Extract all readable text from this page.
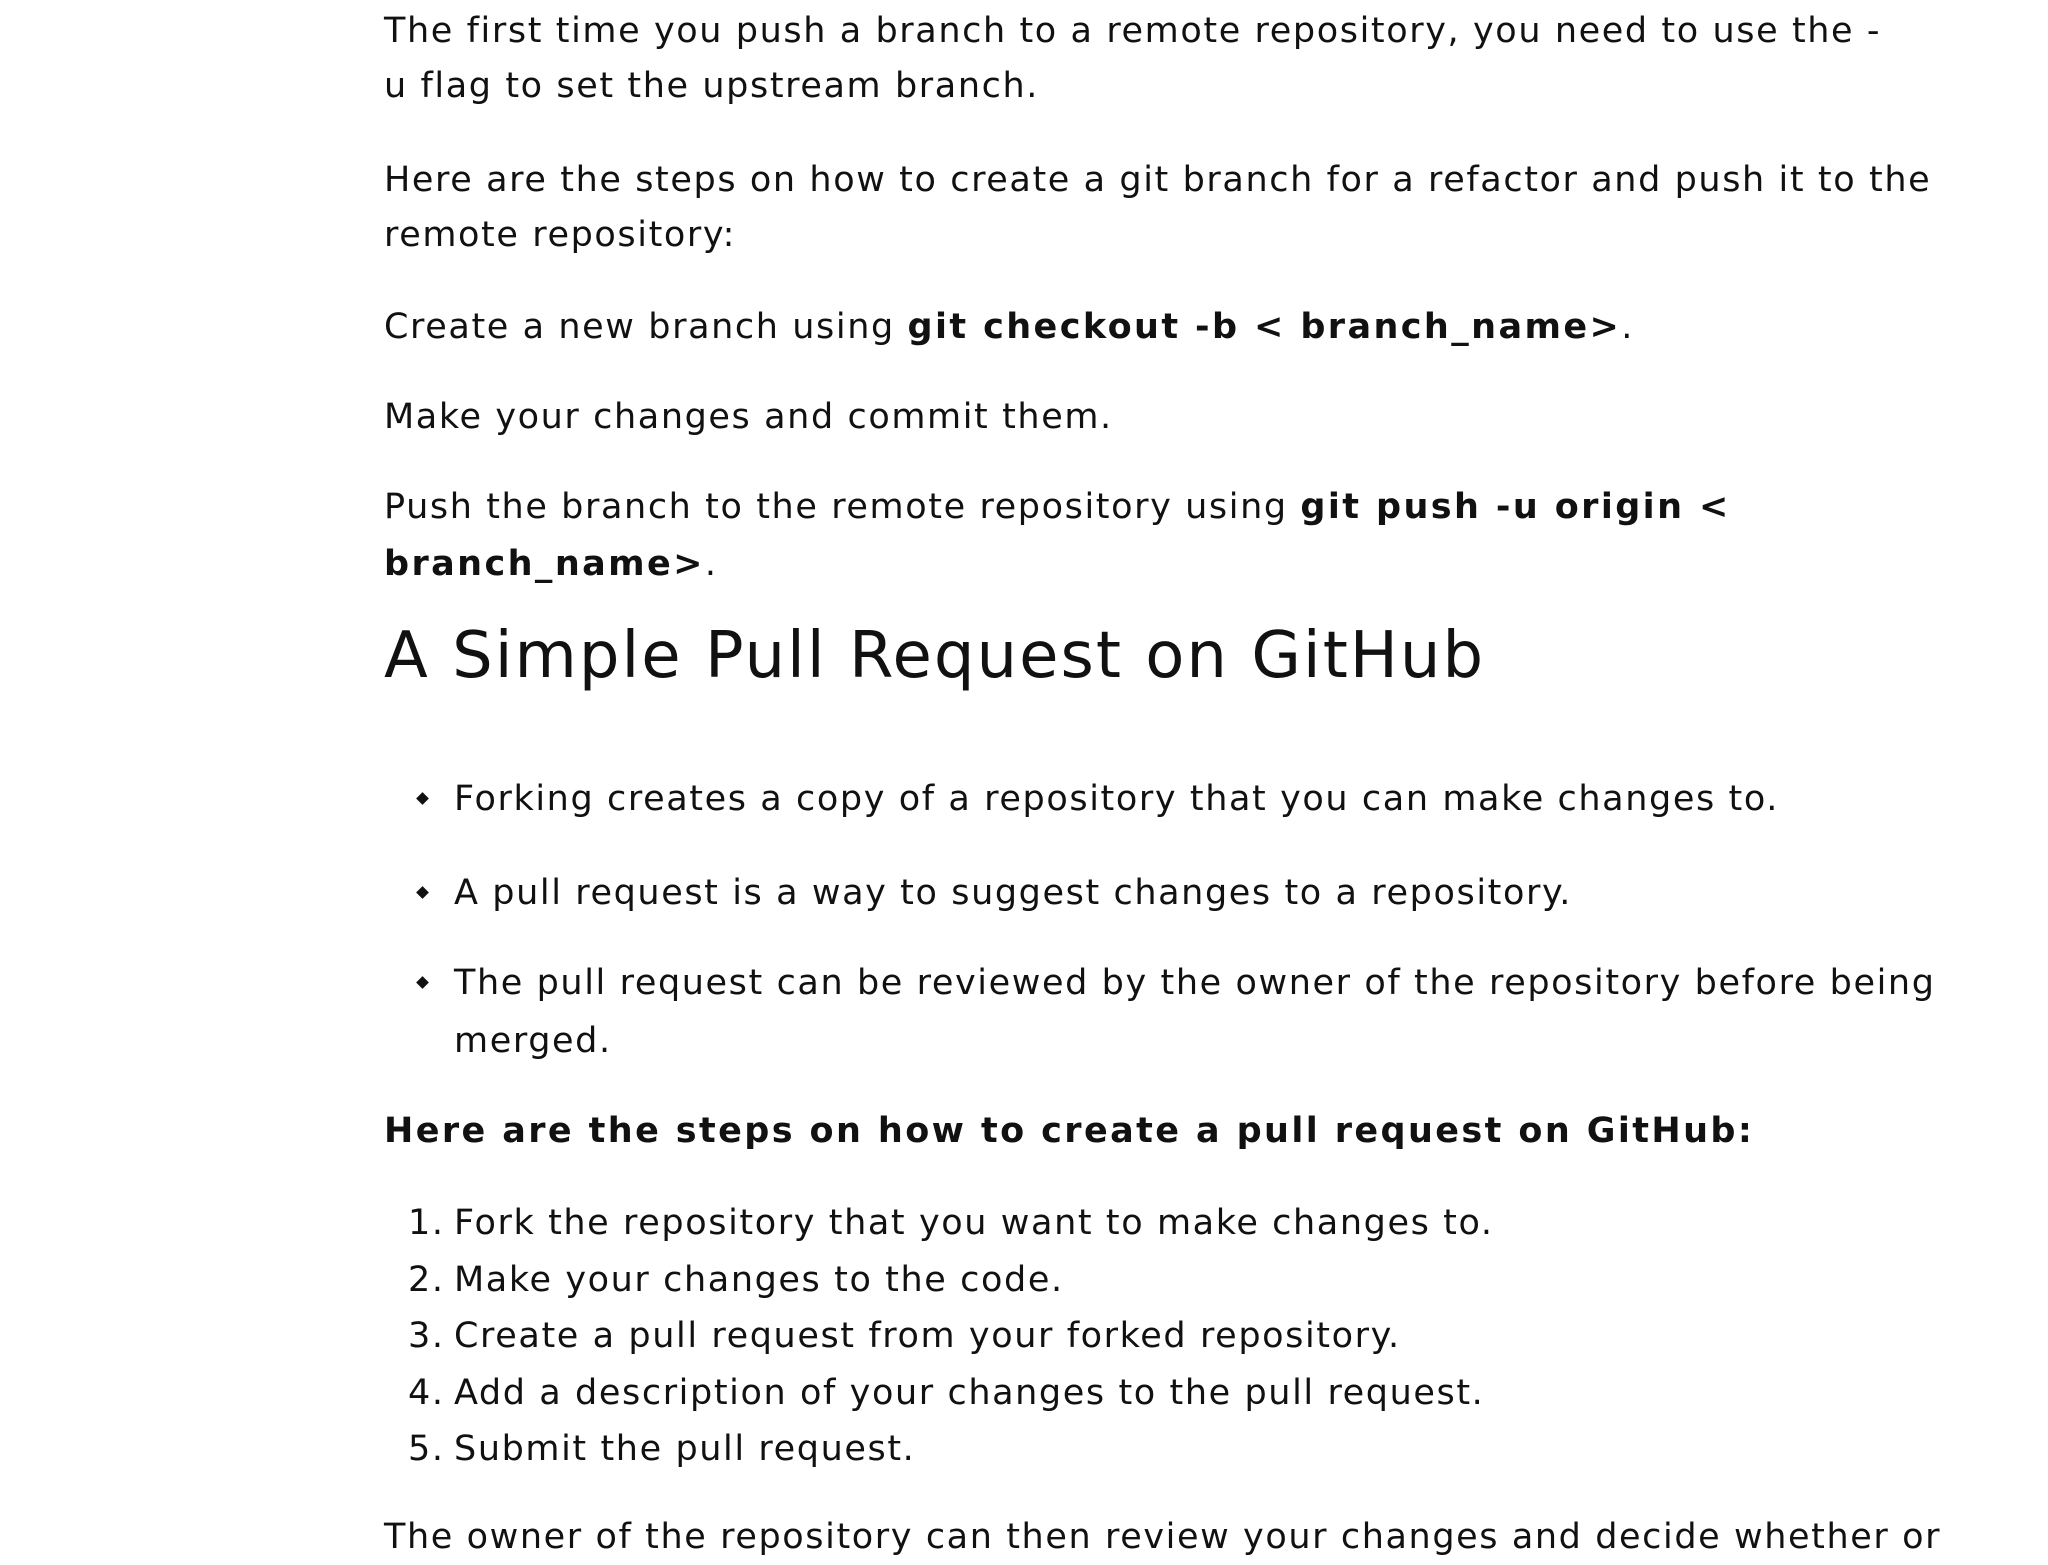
The first time you push a branch to a remote repository, you need to use the -

u flag to set the upstream branch.

Here are the steps on how to create a git branch for a refactor and push it to the

remote repository:

Create a new branch using git checkout -b < branch_name>.

Make your changes and commit them.

Push the branch to the remote repository using git push -u origin <

branch_name>.

A Simple Pull Request on GitHub
Forking creates a copy of a repository that you can make changes to.
A pull request is a way to suggest changes to a repository.
The pull request can be reviewed by the owner of the repository before being
merged.

Here are the steps on how to create a pull request on GitHub:

1. Fork the repository that you want to make changes to.
2. Make your changes to the code.
3. Create a pull request from your forked repository.
4. Add a description of your changes to the pull request.
5. Submit the pull request.

The owner of the repository can then review your changes and decide whether or
